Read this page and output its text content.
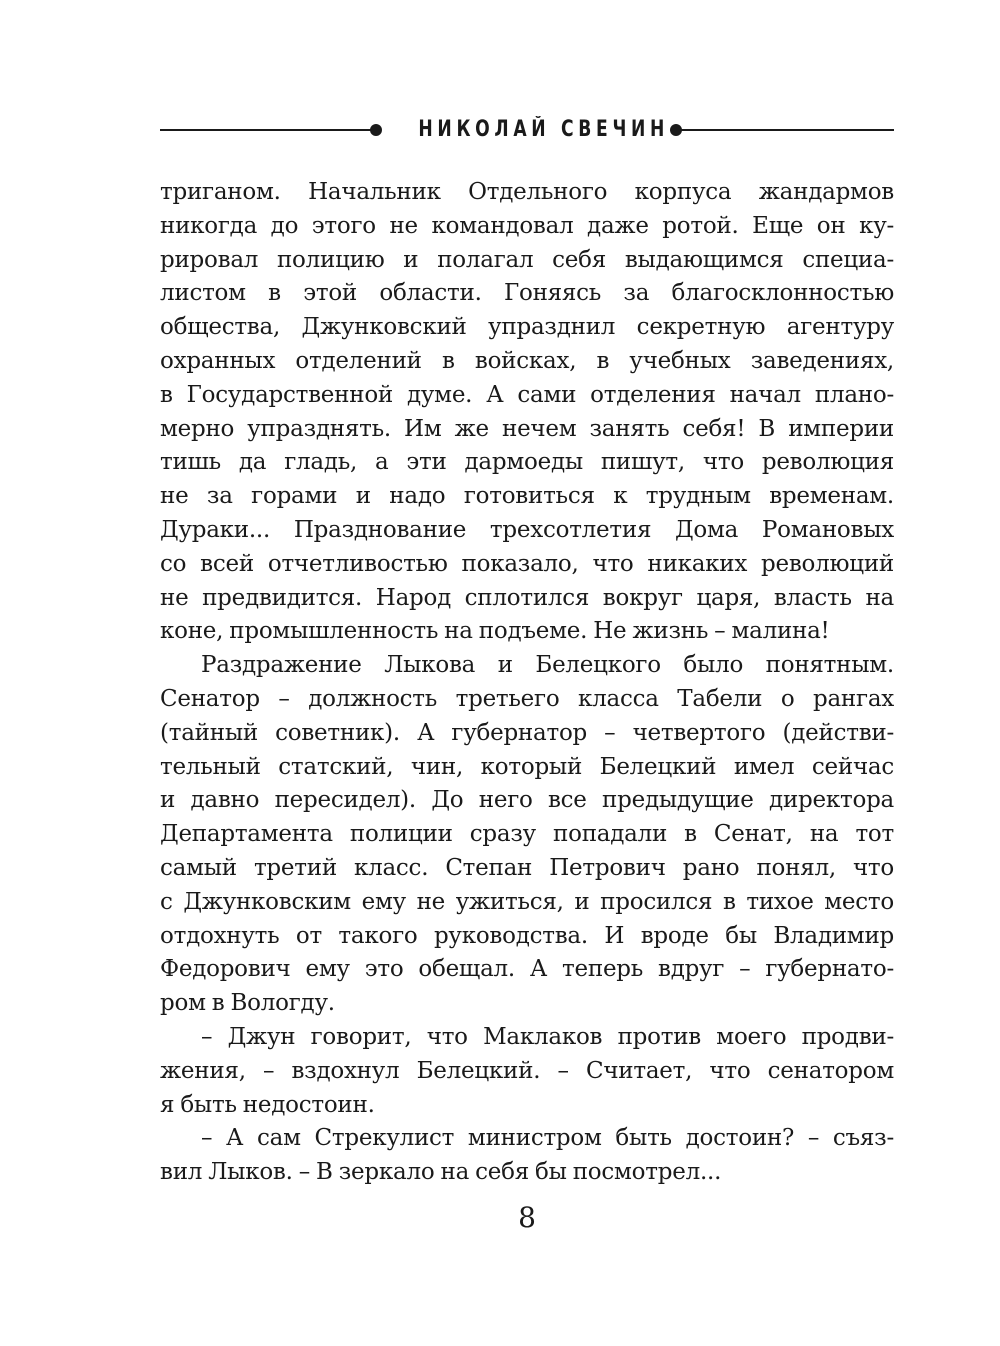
НИКОЛАЙ СВЕЧИН
триганом. Начальник Отдельного корпуса жандармов
никогда до этого не командовал даже ротой. Еще он ку-
рировал полицию и полагал себя выдающимся специа-
листом в этой области. Гоняясь за благосклонностью
общества, Джунковский упразднил секретную агентуру
охранных отделений в войсках, в учебных заведениях,
в Государственной думе. А сами отделения начал плано-
мерно упразднять. Им же нечем занять себя! В империи
тишь да гладь, а эти дармоеды пишут, что революция
не за горами и надо готовиться к трудным временам.
Дураки... Празднование трехсотлетия Дома Романовых
со всей отчетливостью показало, что никаких революций
не предвидится. Народ сплотился вокруг царя, власть на
коне, промышленность на подъеме. Не жизнь – малина!
Раздражение Лыкова и Белецкого было понятным.
Сенатор – должность третьего класса Табели о рангах
(тайный советник). А губернатор – четвертого (действи-
тельный статский, чин, который Белецкий имел сейчас
и давно пересидел). До него все предыдущие директора
Департамента полиции сразу попадали в Сенат, на тот
самый третий класс. Степан Петрович рано понял, что
с Джунковским ему не ужиться, и просился в тихое место
отдохнуть от такого руководства. И вроде бы Владимир
Федорович ему это обещал. А теперь вдруг – губернато-
ром в Вологду.
– Джун говорит, что Маклаков против моего продви-
жения, – вздохнул Белецкий. – Считает, что сенатором
я быть недостоин.
– А сам Стрекулист министром быть достоин? – съяз-
вил Лыков. – В зеркало на себя бы посмотрел...
8
